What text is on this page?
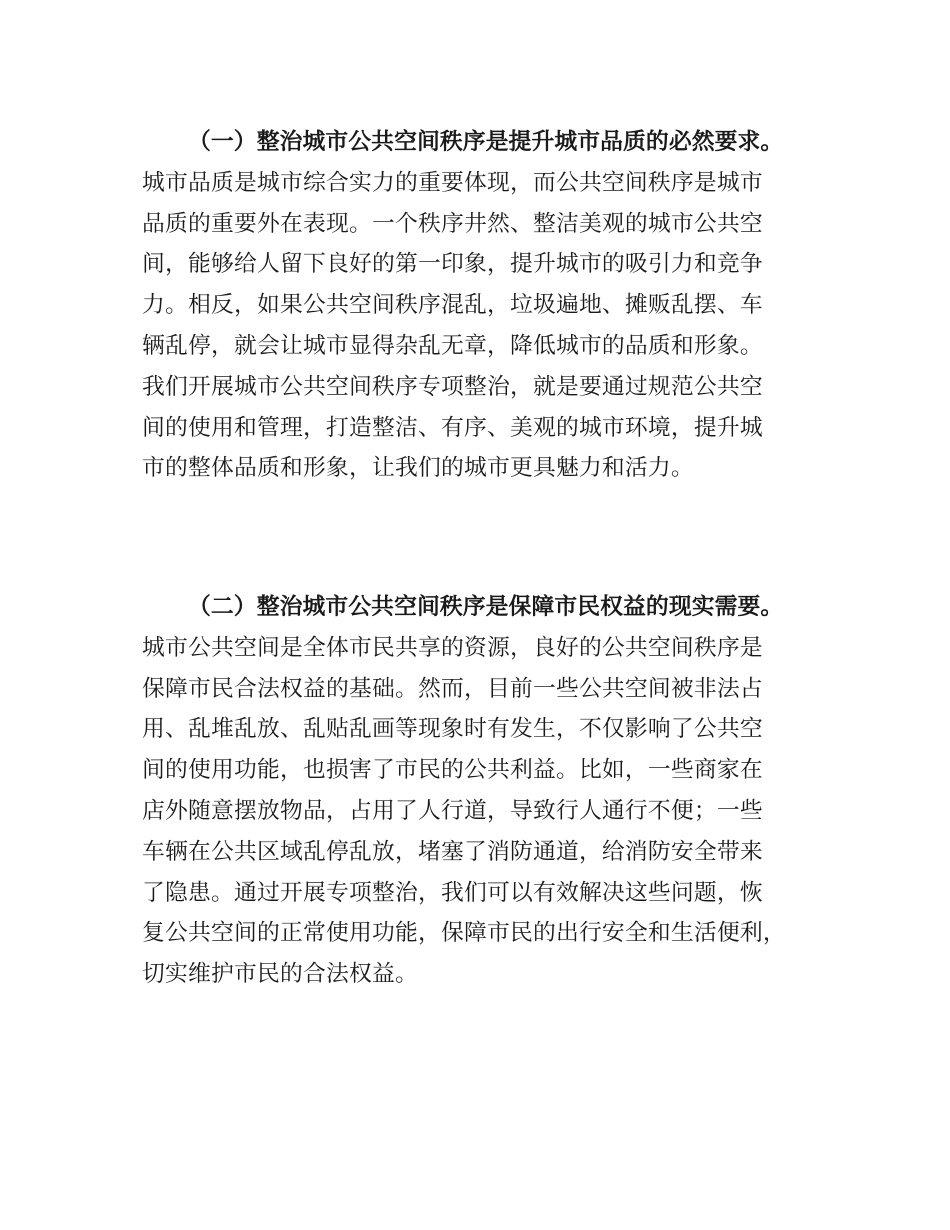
（一）整治城市公共空间秩序是提升城市品质的必然要求。
城市品质是城市综合实力的重要体现，而公共空间秩序是城市
品质的重要外在表现。一个秩序井然、整洁美观的城市公共空
间，能够给人留下良好的第一印象，提升城市的吸引力和竞争
力。相反，如果公共空间秩序混乱，垃圾遍地、摊贩乱摆、车
辆乱停，就会让城市显得杂乱无章，降低城市的品质和形象。
我们开展城市公共空间秩序专项整治，就是要通过规范公共空
间的使用和管理，打造整洁、有序、美观的城市环境，提升城
市的整体品质和形象，让我们的城市更具魅力和活力。
（二）整治城市公共空间秩序是保障市民权益的现实需要。
城市公共空间是全体市民共享的资源，良好的公共空间秩序是
保障市民合法权益的基础。然而，目前一些公共空间被非法占
用、乱堆乱放、乱贴乱画等现象时有发生，不仅影响了公共空
间的使用功能，也损害了市民的公共利益。比如，一些商家在
店外随意摆放物品，占用了人行道，导致行人通行不便；一些
车辆在公共区域乱停乱放，堵塞了消防通道，给消防安全带来
了隐患。通过开展专项整治，我们可以有效解决这些问题，恢
复公共空间的正常使用功能，保障市民的出行安全和生活便利，
切实维护市民的合法权益。
